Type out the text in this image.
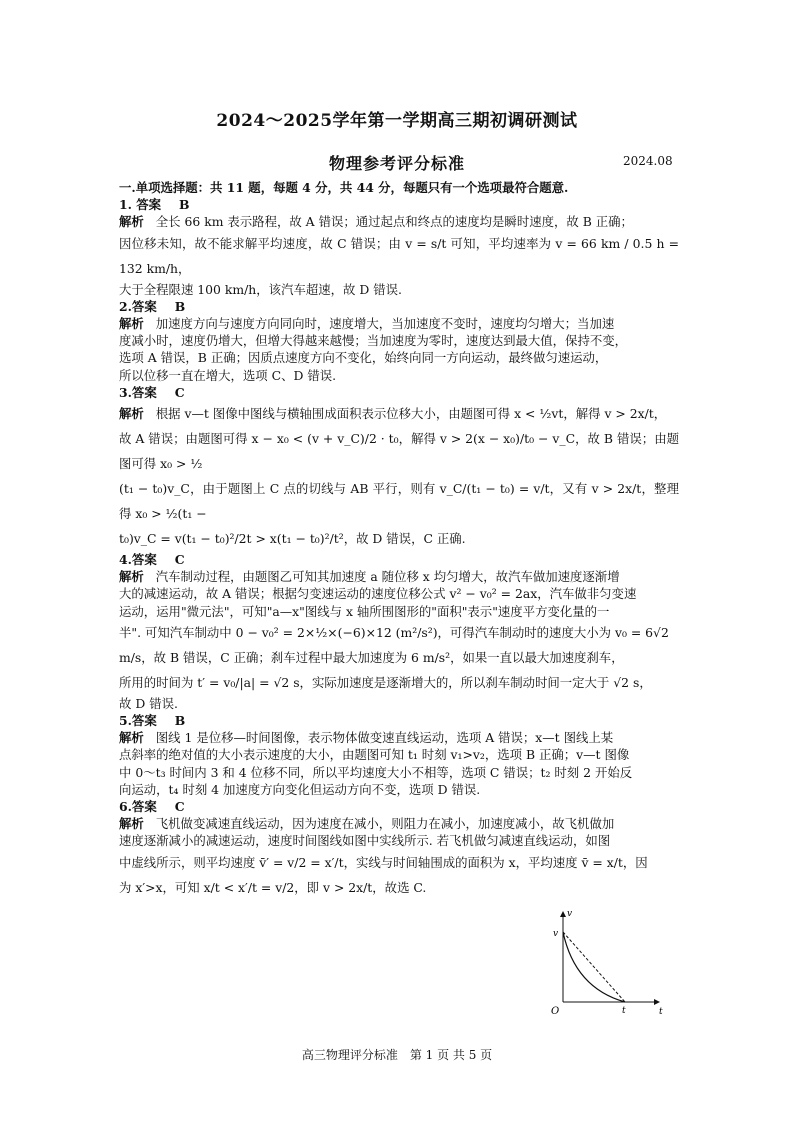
2024～2025学年第一学期高三期初调研测试
物理参考评分标准	2024.08

一.单项选择题：共 11 题，每题 4 分，共 44 分，每题只有一个选项最符合题意.

1. 答案 B

解析 全长 66 km 表示路程，故 A 错误；通过起点和终点的速度均是瞬时速度，故 B 正确；

因位移未知，故不能求解平均速度，故 C 错误；由 v = s/t 可知，平均速率为 v = 66 km / 0.5 h = 132 km/h，

大于全程限速 100 km/h，该汽车超速，故 D 错误.

2.答案 B

解析 加速度方向与速度方向同向时，速度增大，当加速度不变时，速度均匀增大；当加速

度减小时，速度仍增大，但增大得越来越慢；当加速度为零时，速度达到最大值，保持不变，

选项 A 错误，B 正确；因质点速度方向不变化，始终向同一方向运动，最终做匀速运动，

所以位移一直在增大，选项 C、D 错误.

3.答案 C

解析 根据 v—t 图像中图线与横轴围成面积表示位移大小，由题图可得 x < ½vt，解得 v > 2x/t，

故 A 错误；由题图可得 x − x₀ < (v + v_C)/2 · t₀，解得 v > 2(x − x₀)/t₀ − v_C，故 B 错误；由题图可得 x₀ > ½

(t₁ − t₀)v_C，由于题图上 C 点的切线与 AB 平行，则有 v_C/(t₁ − t₀) = v/t，又有 v > 2x/t，整理得 x₀ > ½(t₁ −

t₀)v_C = v(t₁ − t₀)²/2t > x(t₁ − t₀)²/t²，故 D 错误，C 正确.

4.答案 C

解析 汽车制动过程，由题图乙可知其加速度 a 随位移 x 均匀增大，故汽车做加速度逐渐增

大的减速运动，故 A 错误；根据匀变速运动的速度位移公式 v² − v₀² = 2ax，汽车做非匀变速

运动，运用"微元法"，可知"a—x"图线与 x 轴所围图形的"面积"表示"速度平方变化量的一

半". 可知汽车制动中 0 − v₀² = 2×½×(−6)×12 (m²/s²)，可得汽车制动时的速度大小为 v₀ = 6√2

m/s，故 B 错误，C 正确；刹车过程中最大加速度为 6 m/s²，如果一直以最大加速度刹车，

所用的时间为 t′ = v₀/|a| = √2 s，实际加速度是逐渐增大的，所以刹车制动时间一定大于 √2 s，

故 D 错误.

5.答案 B

解析 图线 1 是位移—时间图像，表示物体做变速直线运动，选项 A 错误；x—t 图线上某

点斜率的绝对值的大小表示速度的大小，由题图可知 t₁ 时刻 v₁>v₂，选项 B 正确；v—t 图像

中 0～t₃ 时间内 3 和 4 位移不同，所以平均速度大小不相等，选项 C 错误；t₂ 时刻 2 开始反

向运动，t₄ 时刻 4 加速度方向变化但运动方向不变，选项 D 错误.

6.答案 C

解析 飞机做变减速直线运动，因为速度在减小，则阻力在减小，加速度减小，故飞机做加

速度逐渐减小的减速运动，速度时间图线如图中实线所示. 若飞机做匀减速直线运动，如图

中虚线所示，则平均速度 v̄′ = v/2 = x′/t，实线与时间轴围成的面积为 x，平均速度 v̄ = x/t，因

为 x′>x，可知 x/t < x′/t = v/2，即 v > 2x/t，故选 C.

v
t
O
v
t
高三物理评分标准　第 1 页 共 5 页
